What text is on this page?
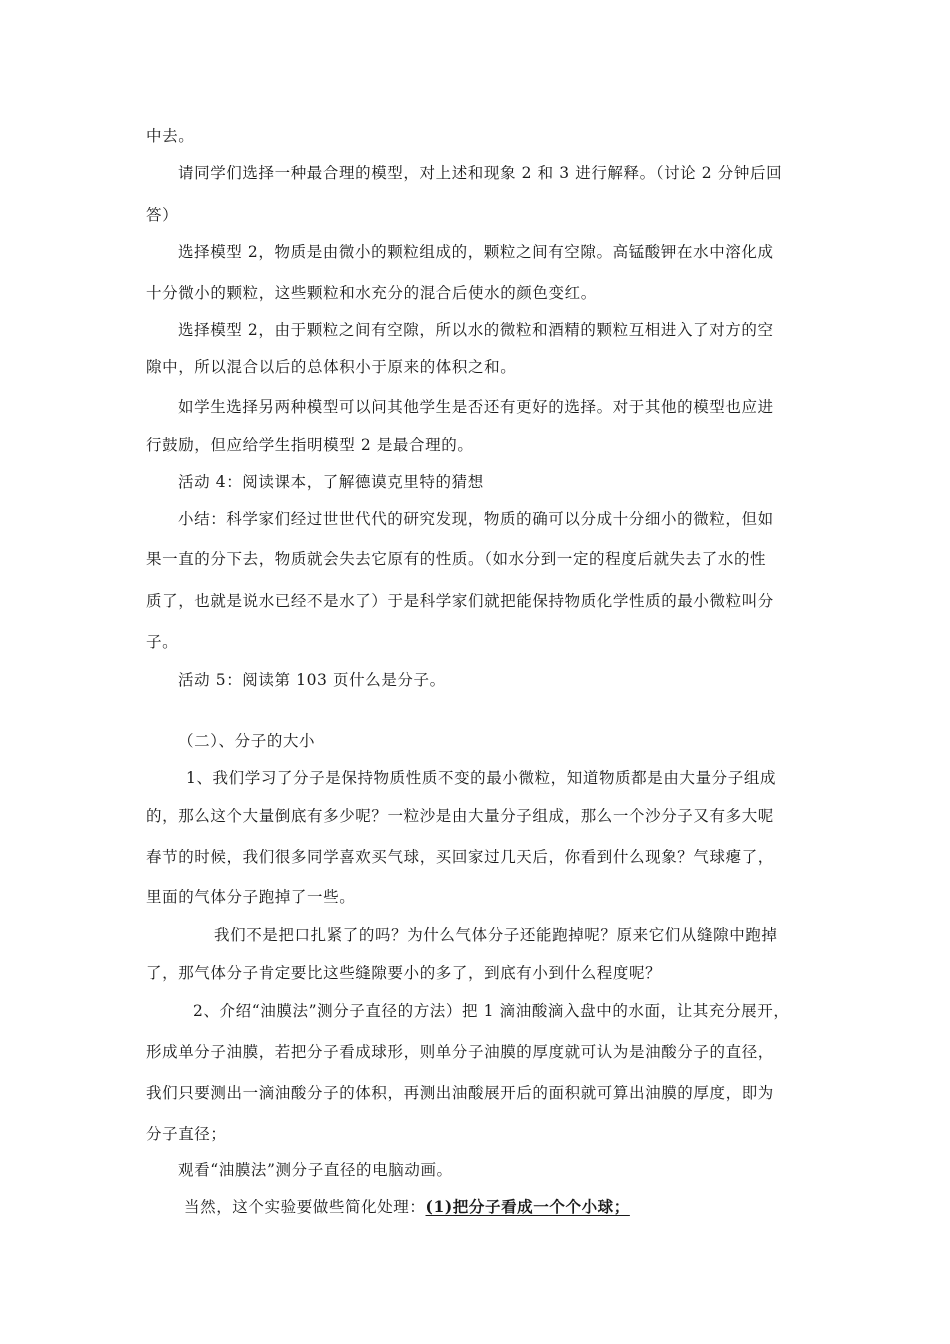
中去。

请同学们选择一种最合理的模型，对上述和现象 2 和 3 进行解释。（讨论 2 分钟后回

答）

选择模型 2，物质是由微小的颗粒组成的，颗粒之间有空隙。高锰酸钾在水中溶化成

十分微小的颗粒，这些颗粒和水充分的混合后使水的颜色变红。

选择模型 2，由于颗粒之间有空隙，所以水的微粒和酒精的颗粒互相进入了对方的空

隙中，所以混合以后的总体积小于原来的体积之和。

如学生选择另两种模型可以问其他学生是否还有更好的选择。对于其他的模型也应进

行鼓励，但应给学生指明模型 2 是最合理的。

活动 4：阅读课本，了解德谟克里特的猜想

小结：科学家们经过世世代代的研究发现，物质的确可以分成十分细小的微粒，但如

果一直的分下去，物质就会失去它原有的性质。（如水分到一定的程度后就失去了水的性

质了，也就是说水已经不是水了）于是科学家们就把能保持物质化学性质的最小微粒叫分

子。

活动 5：阅读第 103 页什么是分子。

（二）、分子的大小

1、我们学习了分子是保持物质性质不变的最小微粒，知道物质都是由大量分子组成

的，那么这个大量倒底有多少呢？一粒沙是由大量分子组成，那么一个沙分子又有多大呢

春节的时候，我们很多同学喜欢买气球，买回家过几天后，你看到什么现象？气球瘪了，

里面的气体分子跑掉了一些。

我们不是把口扎紧了的吗？为什么气体分子还能跑掉呢？原来它们从缝隙中跑掉

了，那气体分子肯定要比这些缝隙要小的多了，到底有小到什么程度呢？

2、介绍“油膜法”测分子直径的方法）把 1 滴油酸滴入盘中的水面，让其充分展开，

形成单分子油膜，若把分子看成球形，则单分子油膜的厚度就可认为是油酸分子的直径，

我们只要测出一滴油酸分子的体积，再测出油酸展开后的面积就可算出油膜的厚度，即为

分子直径；

观看“油膜法”测分子直径的电脑动画。

当然，这个实验要做些简化处理：(1)把分子看成一个个小球；
